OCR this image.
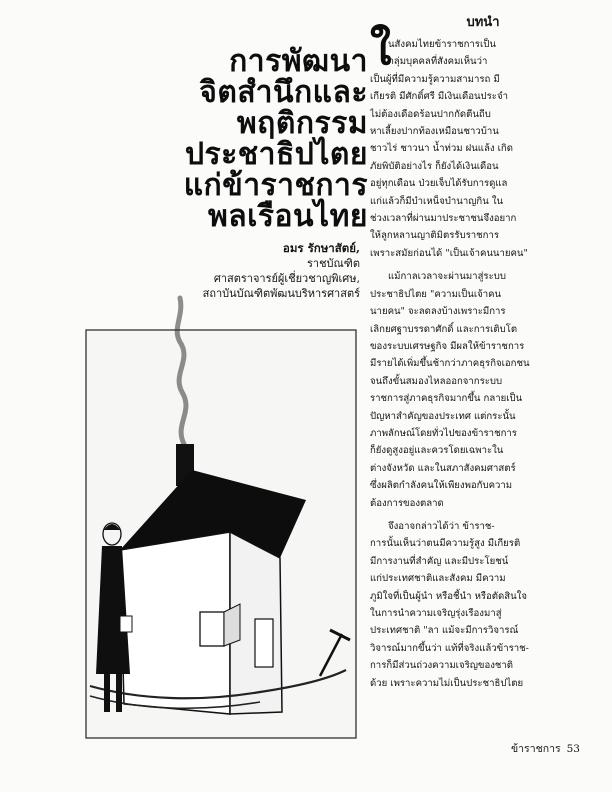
การพัฒนา
จิตสำนึกและ
พฤติกรรม
ประชาธิปไตย
แก่ข้าราชการ
พลเรือนไทย
อมร รักษาสัตย์,
ราชบัณฑิต
ศาสตราจารย์ผู้เชี่ยวชาญพิเศษ,
สถาบันบัณฑิตพัฒนบริหารศาสตร์
บทนำ
ใ
นสังคมไทยข้าราชการเป็น
กลุ่มบุคคลที่สังคมเห็นว่า
เป็นผู้ที่มีความรู้ความสามารถ มี
เกียรติ มีศักดิ์ศรี มีเงินเดือนประจำ
ไม่ต้องเดือดร้อนปากกัดตีนถีบ
หาเลี้ยงปากท้องเหมือนชาวบ้าน
ชาวไร่ ชาวนา น้ำท่วม ฝนแล้ง เกิด
ภัยพิบัติอย่างไร ก็ยังได้เงินเดือน
อยู่ทุกเดือน ป่วยเจ็บได้รับการดูแล
แก่แล้วก็มีบำเหน็จบำนาญกิน ใน
ช่วงเวลาที่ผ่านมาประชาชนจึงอยาก
ให้ลูกหลานญาติมิตรรับราชการ
เพราะสมัยก่อนได้ "เป็นเจ้าคนนายคน"
แม้กาลเวลาจะผ่านมาสู่ระบบ
ประชาธิปไตย "ความเป็นเจ้าคน
นายคน" จะลดลงบ้างเพราะมีการ
เลิกยศฐาบรรดาศักดิ์ และการเติบโต
ของระบบเศรษฐกิจ มีผลให้ข้าราชการ
มีรายได้เพิ่มขึ้นช้ากว่าภาคธุรกิจเอกชน
จนถึงขั้นสมองไหลออกจากระบบ
ราชการสู่ภาคธุรกิจมากขึ้น กลายเป็น
ปัญหาสำคัญของประเทศ แต่กระนั้น
ภาพลักษณ์โดยทั่วไปของข้าราชการ
ก็ยังดูสูงอยู่และควรโดยเฉพาะใน
ต่างจังหวัด และในสภาสังคมศาสตร์
ซึ่งผลิตกำลังคนให้เพียงพอกับความ
ต้องการของตลาด
จึงอาจกล่าวได้ว่า ข้าราช-
การนั้นเห็นว่าตนมีความรู้สูง มีเกียรติ
มีการงานที่สำคัญ และมีประโยชน์
แก่ประเทศชาติและสังคม มีความ
ภูมิใจที่เป็นผู้นำ หรือชี้นำ หรือตัดสินใจ
ในการนำความเจริญรุ่งเรืองมาสู่
ประเทศชาติ "ลา แม้จะมีการวิจารณ์
วิจารณ์มากขึ้นว่า แท้ที่จริงแล้วข้าราช-
การก็มีส่วนถ่วงความเจริญของชาติ
ด้วย เพราะความไม่เป็นประชาธิปไตย
ข้าราชการ 53
